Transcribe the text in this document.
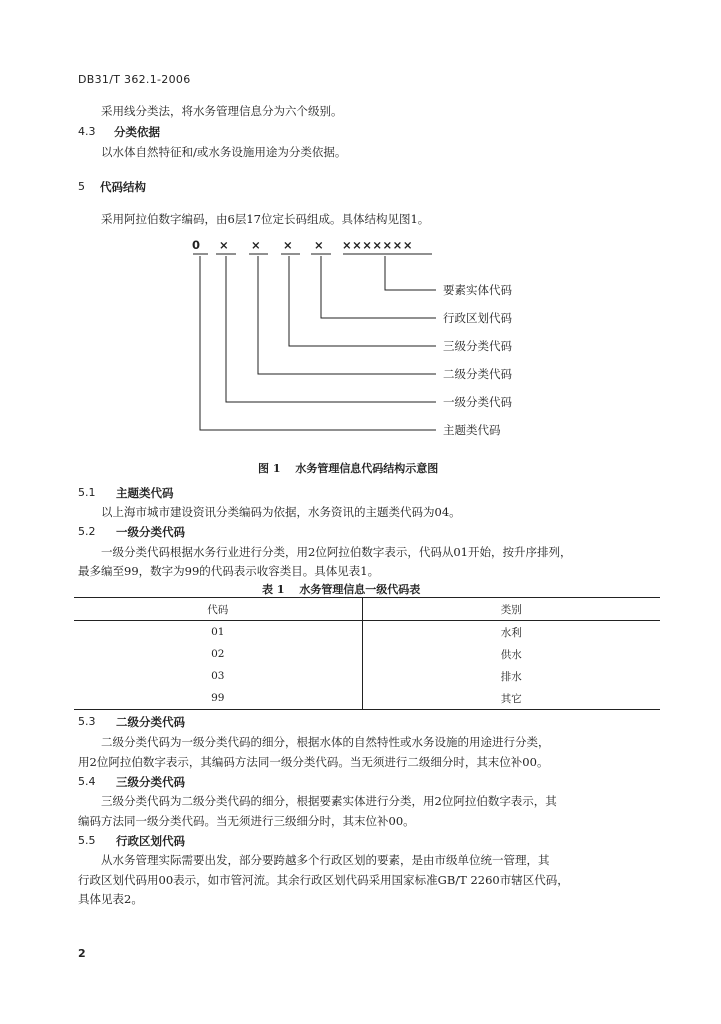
DB31/T 362.1-2006
采用线分类法，将水务管理信息分为六个级别。
4.3 分类依据
以水体自然特征和/或水务设施用途为分类依据。
5 代码结构
采用阿拉伯数字编码，由6层17位定长码组成。具体结构见图1。
0 × × × × ×××××××
要素实体代码
行政区划代码
三级分类代码
二级分类代码
一级分类代码
主题类代码
图 1　 水务管理信息代码结构示意图
5.1 主题类代码
以上海市城市建设资讯分类编码为依据，水务资讯的主题类代码为04。
5.2 一级分类代码
一级分类代码根据水务行业进行分类，用2位阿拉伯数字表示，代码从01开始，按升序排列，
最多编至99，数字为99的代码表示收容类目。具体见表1。
表 1　 水务管理信息一级代码表
代码	类别
01	水利
02	供水
03	排水
99	其它
5.3 二级分类代码
二级分类代码为一级分类代码的细分，根据水体的自然特性或水务设施的用途进行分类，
用2位阿拉伯数字表示，其编码方法同一级分类代码。当无须进行二级细分时，其末位补00。
5.4 三级分类代码
三级分类代码为二级分类代码的细分，根据要素实体进行分类，用2位阿拉伯数字表示，其
编码方法同一级分类代码。当无须进行三级细分时，其末位补00。
5.5 行政区划代码
从水务管理实际需要出发，部分要跨越多个行政区划的要素，是由市级单位统一管理，其
行政区划代码用00表示，如市管河流。其余行政区划代码采用国家标准GB/T 2260市辖区代码，
具体见表2。
2
